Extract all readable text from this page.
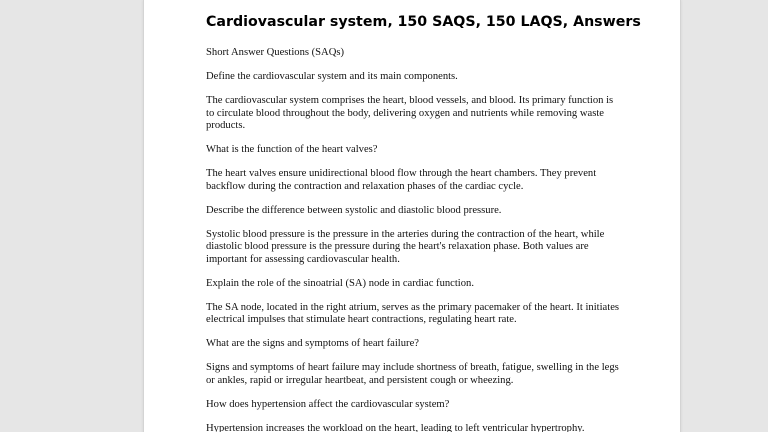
Cardiovascular system‚ 150 SAQS, 150 LAQS, Answers

Short Answer Questions (SAQs)

Define the cardiovascular system and its main components.

The cardiovascular system comprises the heart, blood vessels, and blood. Its primary function is to circulate blood throughout the body, delivering oxygen and nutrients while removing waste products.

What is the function of the heart valves?

The heart valves ensure unidirectional blood flow through the heart chambers. They prevent backflow during the contraction and relaxation phases of the cardiac cycle.

Describe the difference between systolic and diastolic blood pressure.

Systolic blood pressure is the pressure in the arteries during the contraction of the heart, while diastolic blood pressure is the pressure during the heart's relaxation phase. Both values are important for assessing cardiovascular health.

Explain the role of the sinoatrial (SA) node in cardiac function.

The SA node, located in the right atrium, serves as the primary pacemaker of the heart. It initiates electrical impulses that stimulate heart contractions, regulating heart rate.

What are the signs and symptoms of heart failure?

Signs and symptoms of heart failure may include shortness of breath, fatigue, swelling in the legs or ankles, rapid or irregular heartbeat, and persistent cough or wheezing.

How does hypertension affect the cardiovascular system?

Hypertension increases the workload on the heart, leading to left ventricular hypertrophy.
